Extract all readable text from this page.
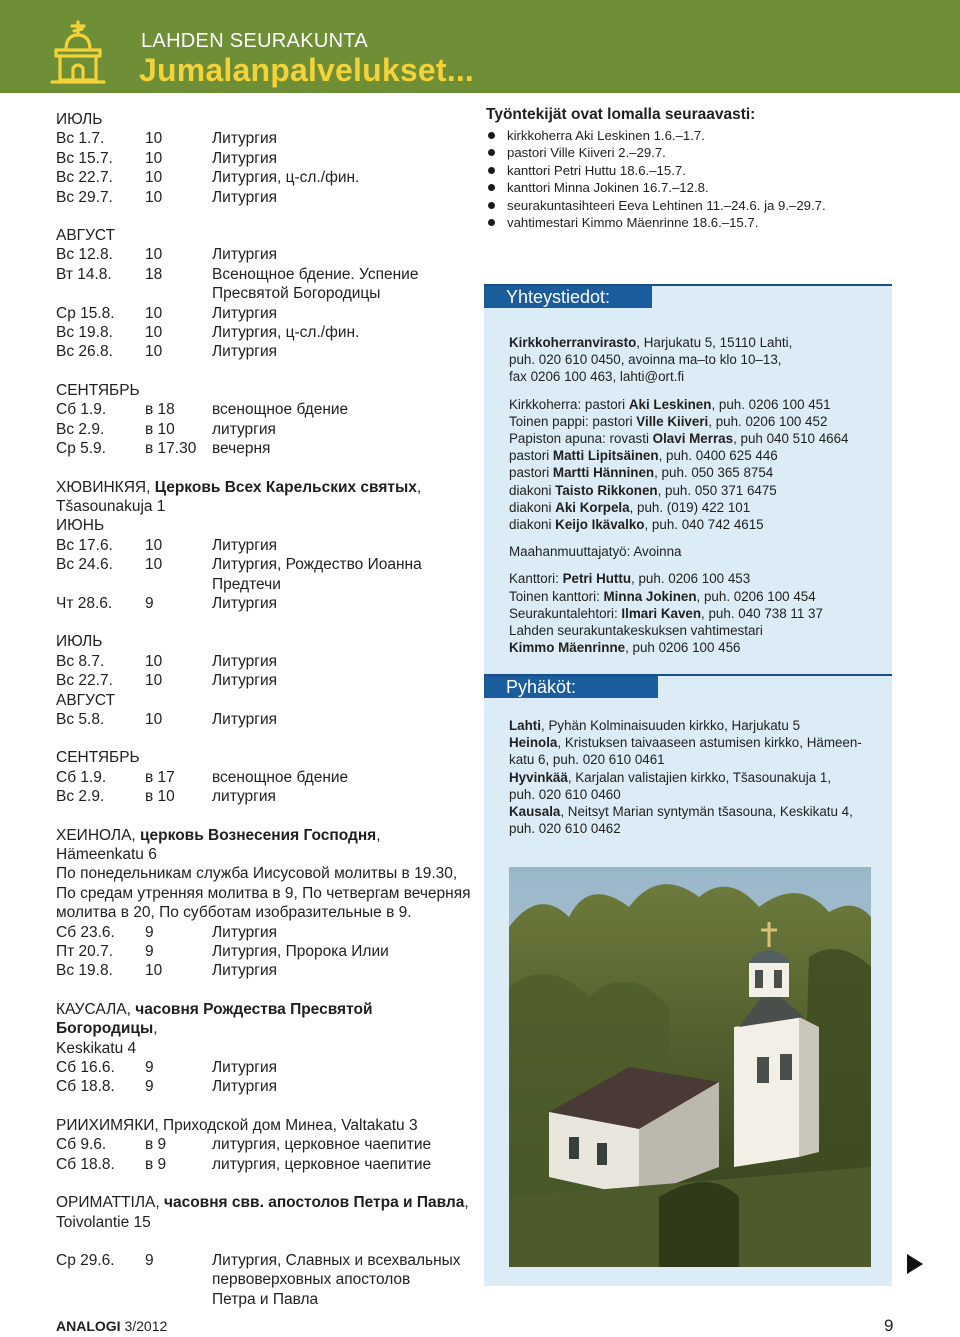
LAHDEN SEURAKUNTA
Jumalanpalvelukset...
ИЮЛЬ
Вс 1.7.	10	Литургия
Вс 15.7.	10	Литургия
Вс 22.7.	10	Литургия, ц-сл./фин.
Вс 29.7.	10	Литургия
АВГУСТ
Вс 12.8.	10	Литургия
Вт 14.8.	18	Всенощное бдение. Успение
Пресвятой Богородицы
Ср 15.8.	10	Литургия
Вс 19.8.	10	Литургия, ц-сл./фин.
Вс 26.8.	10	Литургия
СЕНТЯБРЬ
Сб 1.9.	в 18	всенощное бдение
Вс 2.9.	в 10	литургия
Ср 5.9.	в 17.30	вечерня
ХЮВИНКЯЯ, Церковь Всех Карельских святых,
Tšasounakuja 1
ИЮНЬ
Вс 17.6.	10	Литургия
Вс 24.6.	10	Литургия, Рождество Иоанна
Предтечи
Чт 28.6.	9	Литургия
ИЮЛЬ
Вс 8.7.	10	Литургия
Вс 22.7.	10	Литургия
АВГУСТ
Вс 5.8.	10	Литургия
СЕНТЯБРЬ
Сб 1.9.	в 17	всенощное бдение
Вс 2.9.	в 10	литургия
ХЕИНОЛА, церковь Вознесения Господня,
Hämeenkatu 6
По понедельникам служба Иисусовой молитвы в 19.30,
По средам утренняя молитва в 9, По четвергам вечерняя
молитва в 20, По субботам изобразительные в 9.
Сб 23.6.	9	Литургия
Пт 20.7.	9	Литургия, Пророка Илии
Вс 19.8.	10	Литургия
КАУСАЛА, часовня Рождества Пресвятой Богородицы,
Keskikatu 4
Сб 16.6.	9	Литургия
Сб 18.8.	9	Литургия
РИИХИМЯКИ, Приходской дом Минеа, Valtakatu 3
Сб 9.6.	в 9	литургия, церковное чаепитие
Сб 18.8.	в 9	литургия, церковное чаепитие
ОРИМАТТІЛА, часовня свв. апостолов Петра и Павла,
Toivolantie 15
Ср 29.6.	9	Литургия, Славных и всехвальных
первоверховных апостолов
Петра и Павла
Työntekijät ovat lomalla seuraavasti:
kirkkoherra Aki Leskinen 1.6.–1.7.
pastori Ville Kiiveri 2.–29.7.
kanttori Petri Huttu 18.6.–15.7.
kanttori Minna Jokinen 16.7.–12.8.
seurakuntasihteeri Eeva Lehtinen 11.–24.6. ja 9.–29.7.
vahtimestari Kimmo Mäenrinne 18.6.–15.7.
Yhteystiedot:
Kirkkoherranvirasto, Harjukatu 5, 15110 Lahti,
puh. 020 610 0450, avoinna ma–to klo 10–13,
fax 0206 100 463, lahti@ort.fi
Kirkkoherra: pastori Aki Leskinen, puh. 0206 100 451
Toinen pappi: pastori Ville Kiiveri, puh. 0206 100 452
Papiston apuna: rovasti Olavi Merras, puh 040 510 4664
pastori Matti Lipitsäinen, puh. 0400 625 446
pastori Martti Hänninen, puh. 050 365 8754
diakoni Taisto Rikkonen, puh. 050 371 6475
diakoni Aki Korpela, puh. (019) 422 101
diakoni Keijo Ikävalko, puh. 040 742 4615
Maahanmuuttajatyö: Avoinna
Kanttori: Petri Huttu, puh. 0206 100 453
Toinen kanttori: Minna Jokinen, puh. 0206 100 454
Seurakuntalehtori: Ilmari Kaven, puh. 040 738 11 37
Lahden seurakuntakeskuksen vahtimestari
Kimmo Mäenrinne, puh 0206 100 456
Pyhäköt:
Lahti, Pyhän Kolminaisuuden kirkko, Harjukatu 5
Heinola, Kristuksen taivaaseen astumisen kirkko, Hämeen-
katu 6, puh. 020 610 0461
Hyvinkää, Karjalan valistajien kirkko, Tšasounakuja 1,
puh. 020 610 0460
Kausala, Neitsyt Marian syntymän tšasouna, Keskikatu 4,
puh. 020 610 0462
ANALOGI 3/2012	9
